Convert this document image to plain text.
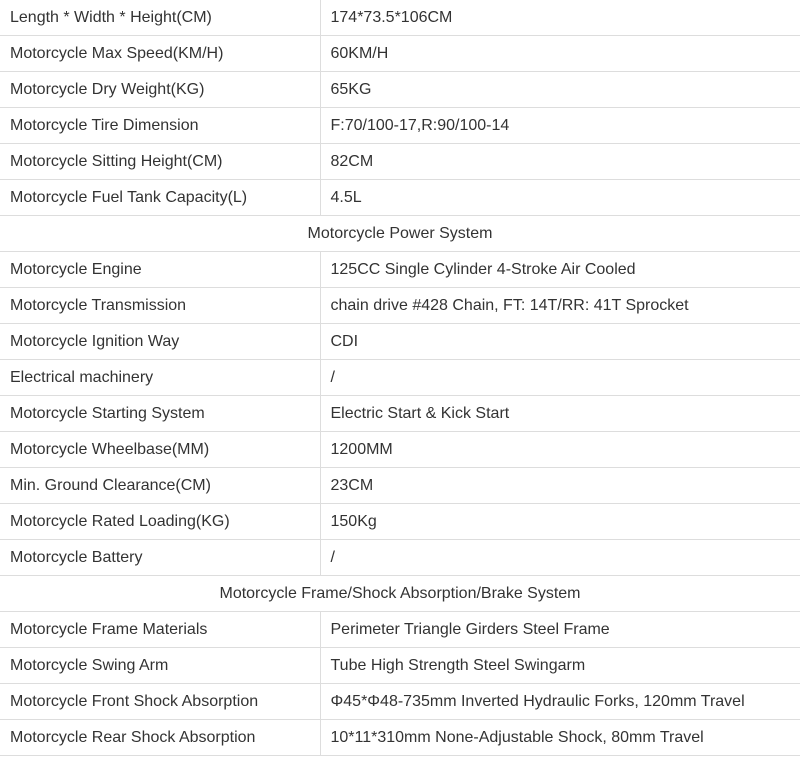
Length * Width * Height(CM)	174*73.5*106CM
Motorcycle Max Speed(KM/H)	60KM/H
Motorcycle Dry Weight(KG)	65KG
Motorcycle Tire Dimension	F:70/100-17,R:90/100-14
Motorcycle Sitting Height(CM)	82CM
Motorcycle Fuel Tank Capacity(L)	4.5L
Motorcycle Power System	
Motorcycle Engine	125CC Single Cylinder 4-Stroke Air Cooled
Motorcycle Transmission	chain drive #428 Chain, FT: 14T/RR: 41T Sprocket
Motorcycle Ignition Way	CDI
Electrical machinery	/
Motorcycle Starting System	Electric Start & Kick Start
Motorcycle Wheelbase(MM)	1200MM
Min. Ground Clearance(CM)	23CM
Motorcycle Rated Loading(KG)	150Kg
Motorcycle Battery	/
Motorcycle Frame/Shock Absorption/Brake System	
Motorcycle Frame Materials	Perimeter Triangle Girders Steel Frame
Motorcycle Swing Arm	Tube High Strength Steel Swingarm
Motorcycle Front Shock Absorption	Φ45*Φ48-735mm Inverted Hydraulic Forks, 120mm Travel
Motorcycle Rear Shock Absorption	10*11*310mm None-Adjustable Shock, 80mm Travel
